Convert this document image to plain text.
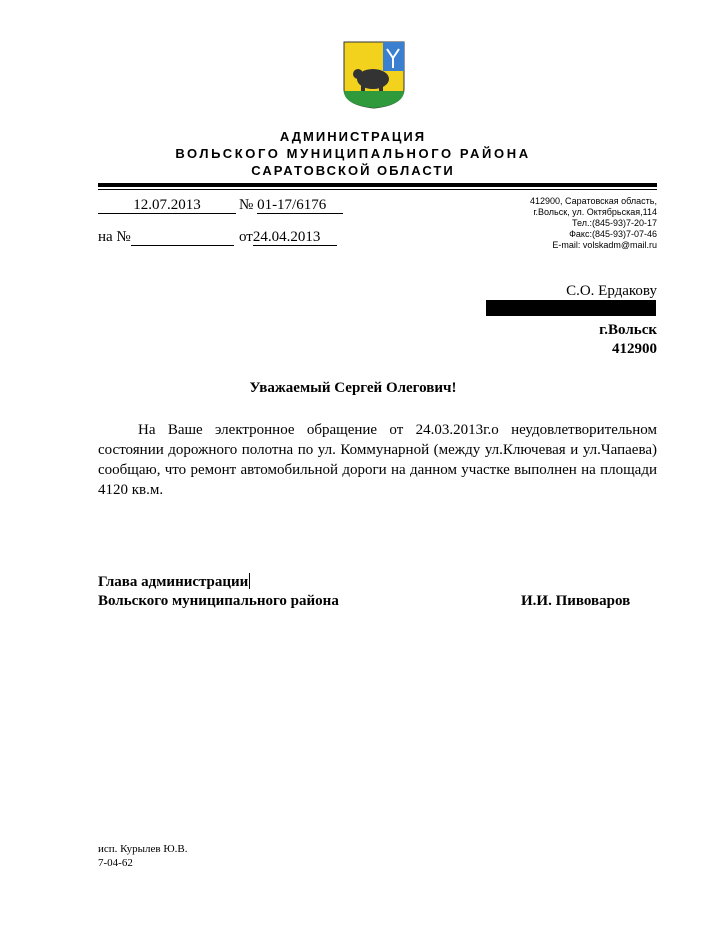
АДМИНИСТРАЦИЯ
ВОЛЬСКОГО МУНИЦИПАЛЬНОГО РАЙОНА
САРАТОВСКОЙ ОБЛАСТИ
12.07.2013	№ 01-17/6176
на №	от24.04.2013
412900, Саратовская область,
г.Вольск, ул. Октябрьская,114
Тел.:(845-93)7-20-17
Факс:(845-93)7-07-46
E-mail: volskadm@mail.ru
С.О. Ердакову
г.Вольск
412900
Уважаемый Сергей Олегович!

На Ваше электронное обращение от 24.03.2013г.о неудовлетворительном состоянии дорожного полотна по ул. Коммунарной (между ул.Ключевая и ул.Чапаева) сообщаю, что ремонт автомобильной дороги на данном участке выполнен на площади 4120 кв.м.

Глава администрации
Вольского муниципального района	И.И. Пивоваров
исп. Курылев Ю.В.
7-04-62
